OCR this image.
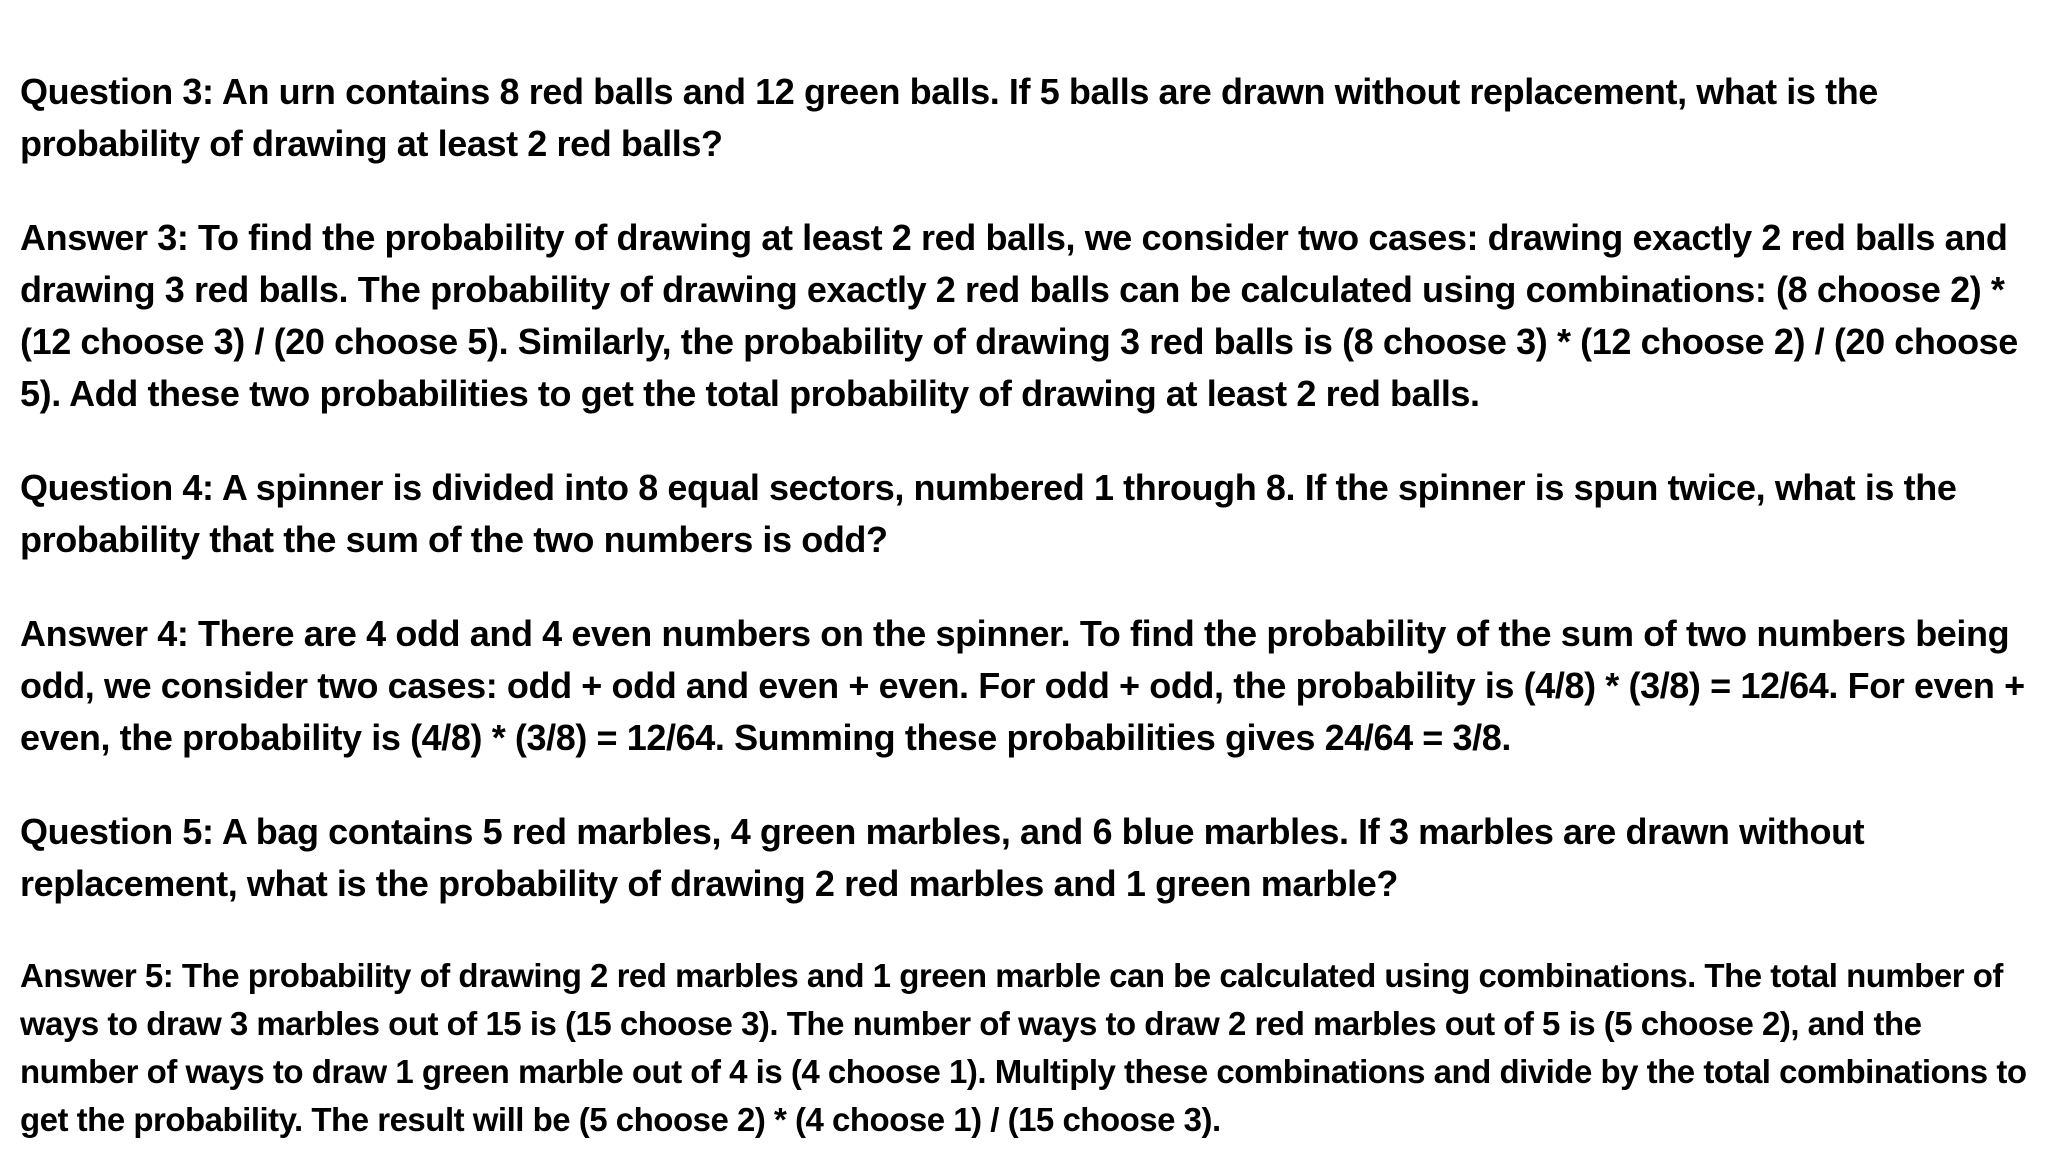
Question 3: An urn contains 8 red balls and 12 green balls. If 5 balls are drawn without replacement, what is the probability of drawing at least 2 red balls?

Answer 3: To find the probability of drawing at least 2 red balls, we consider two cases: drawing exactly 2 red balls and drawing 3 red balls. The probability of drawing exactly 2 red balls can be calculated using combinations: (8 choose 2) * (12 choose 3) / (20 choose 5). Similarly, the probability of drawing 3 red balls is (8 choose 3) * (12 choose 2) / (20 choose 5). Add these two probabilities to get the total probability of drawing at least 2 red balls.

Question 4: A spinner is divided into 8 equal sectors, numbered 1 through 8. If the spinner is spun twice, what is the probability that the sum of the two numbers is odd?

Answer 4: There are 4 odd and 4 even numbers on the spinner. To find the probability of the sum of two numbers being odd, we consider two cases: odd + odd and even + even. For odd + odd, the probability is (4/8) * (3/8) = 12/64. For even + even, the probability is (4/8) * (3/8) = 12/64. Summing these probabilities gives 24/64 = 3/8.

Question 5: A bag contains 5 red marbles, 4 green marbles, and 6 blue marbles. If 3 marbles are drawn without replacement, what is the probability of drawing 2 red marbles and 1 green marble?

Answer 5: The probability of drawing 2 red marbles and 1 green marble can be calculated using combinations. The total number of ways to draw 3 marbles out of 15 is (15 choose 3). The number of ways to draw 2 red marbles out of 5 is (5 choose 2), and the number of ways to draw 1 green marble out of 4 is (4 choose 1). Multiply these combinations and divide by the total combinations to get the probability. The result will be (5 choose 2) * (4 choose 1) / (15 choose 3).
